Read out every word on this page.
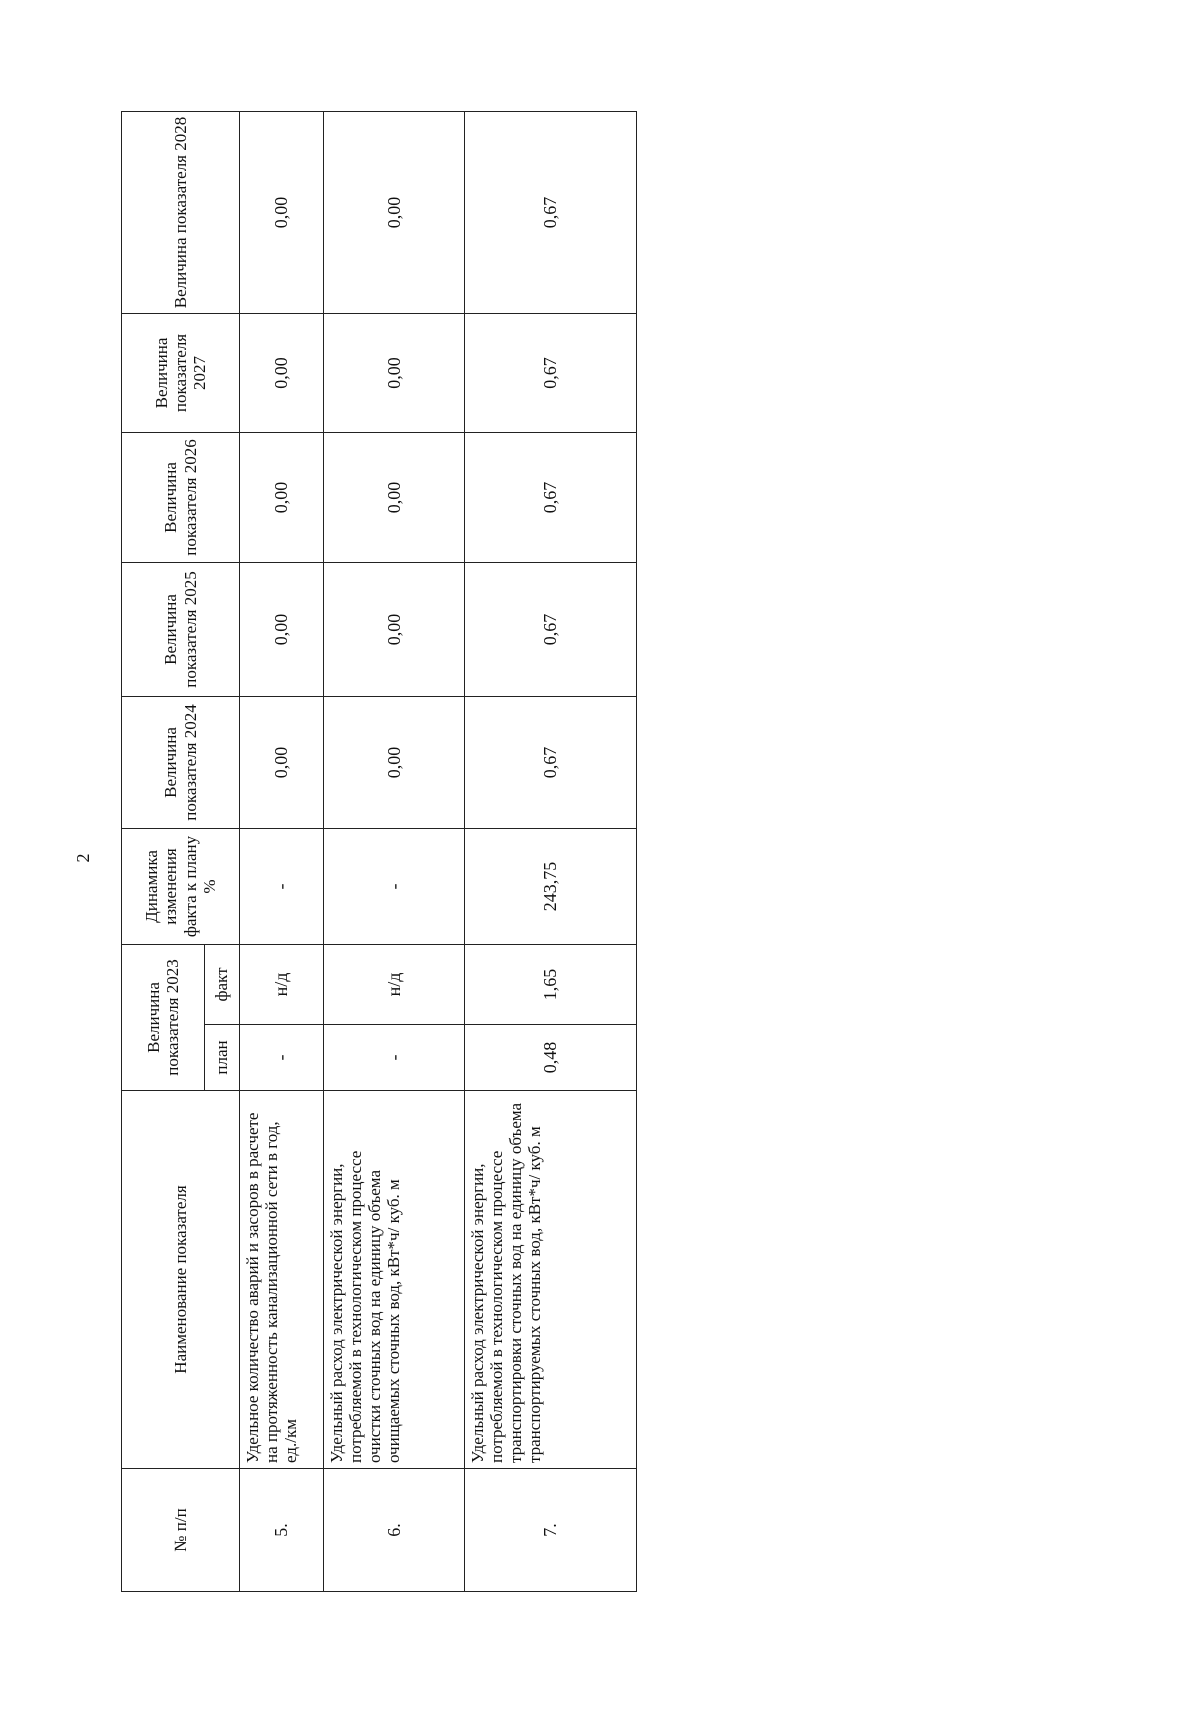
2
№ п/п	Наименование показателя	Величина показателя 2023		Динамика изменения факта к плану %	Величина показателя 2024	Величина показателя 2025	Величина показателя 2026	Величина показателя 2027	Величина показателя 2028
		план	факт						
5.	Удельное количество аварий и засоров в расчете на протяженность канализационной сети в год, ед./км	-	н/д	-	0,00	0,00	0,00	0,00	0,00
6.	Удельный расход электрической энергии, потребляемой в технологическом процессе очистки сточных вод на единицу объема очищаемых сточных вод, кВт*ч/ куб. м	-	н/д	-	0,00	0,00	0,00	0,00	0,00
7.	Удельный расход электрической энергии, потребляемой в технологическом процессе транспортировки сточных вод на единицу объема транспортируемых сточных вод, кВт*ч/ куб. м	0,48	1,65	243,75	0,67	0,67	0,67	0,67	0,67
